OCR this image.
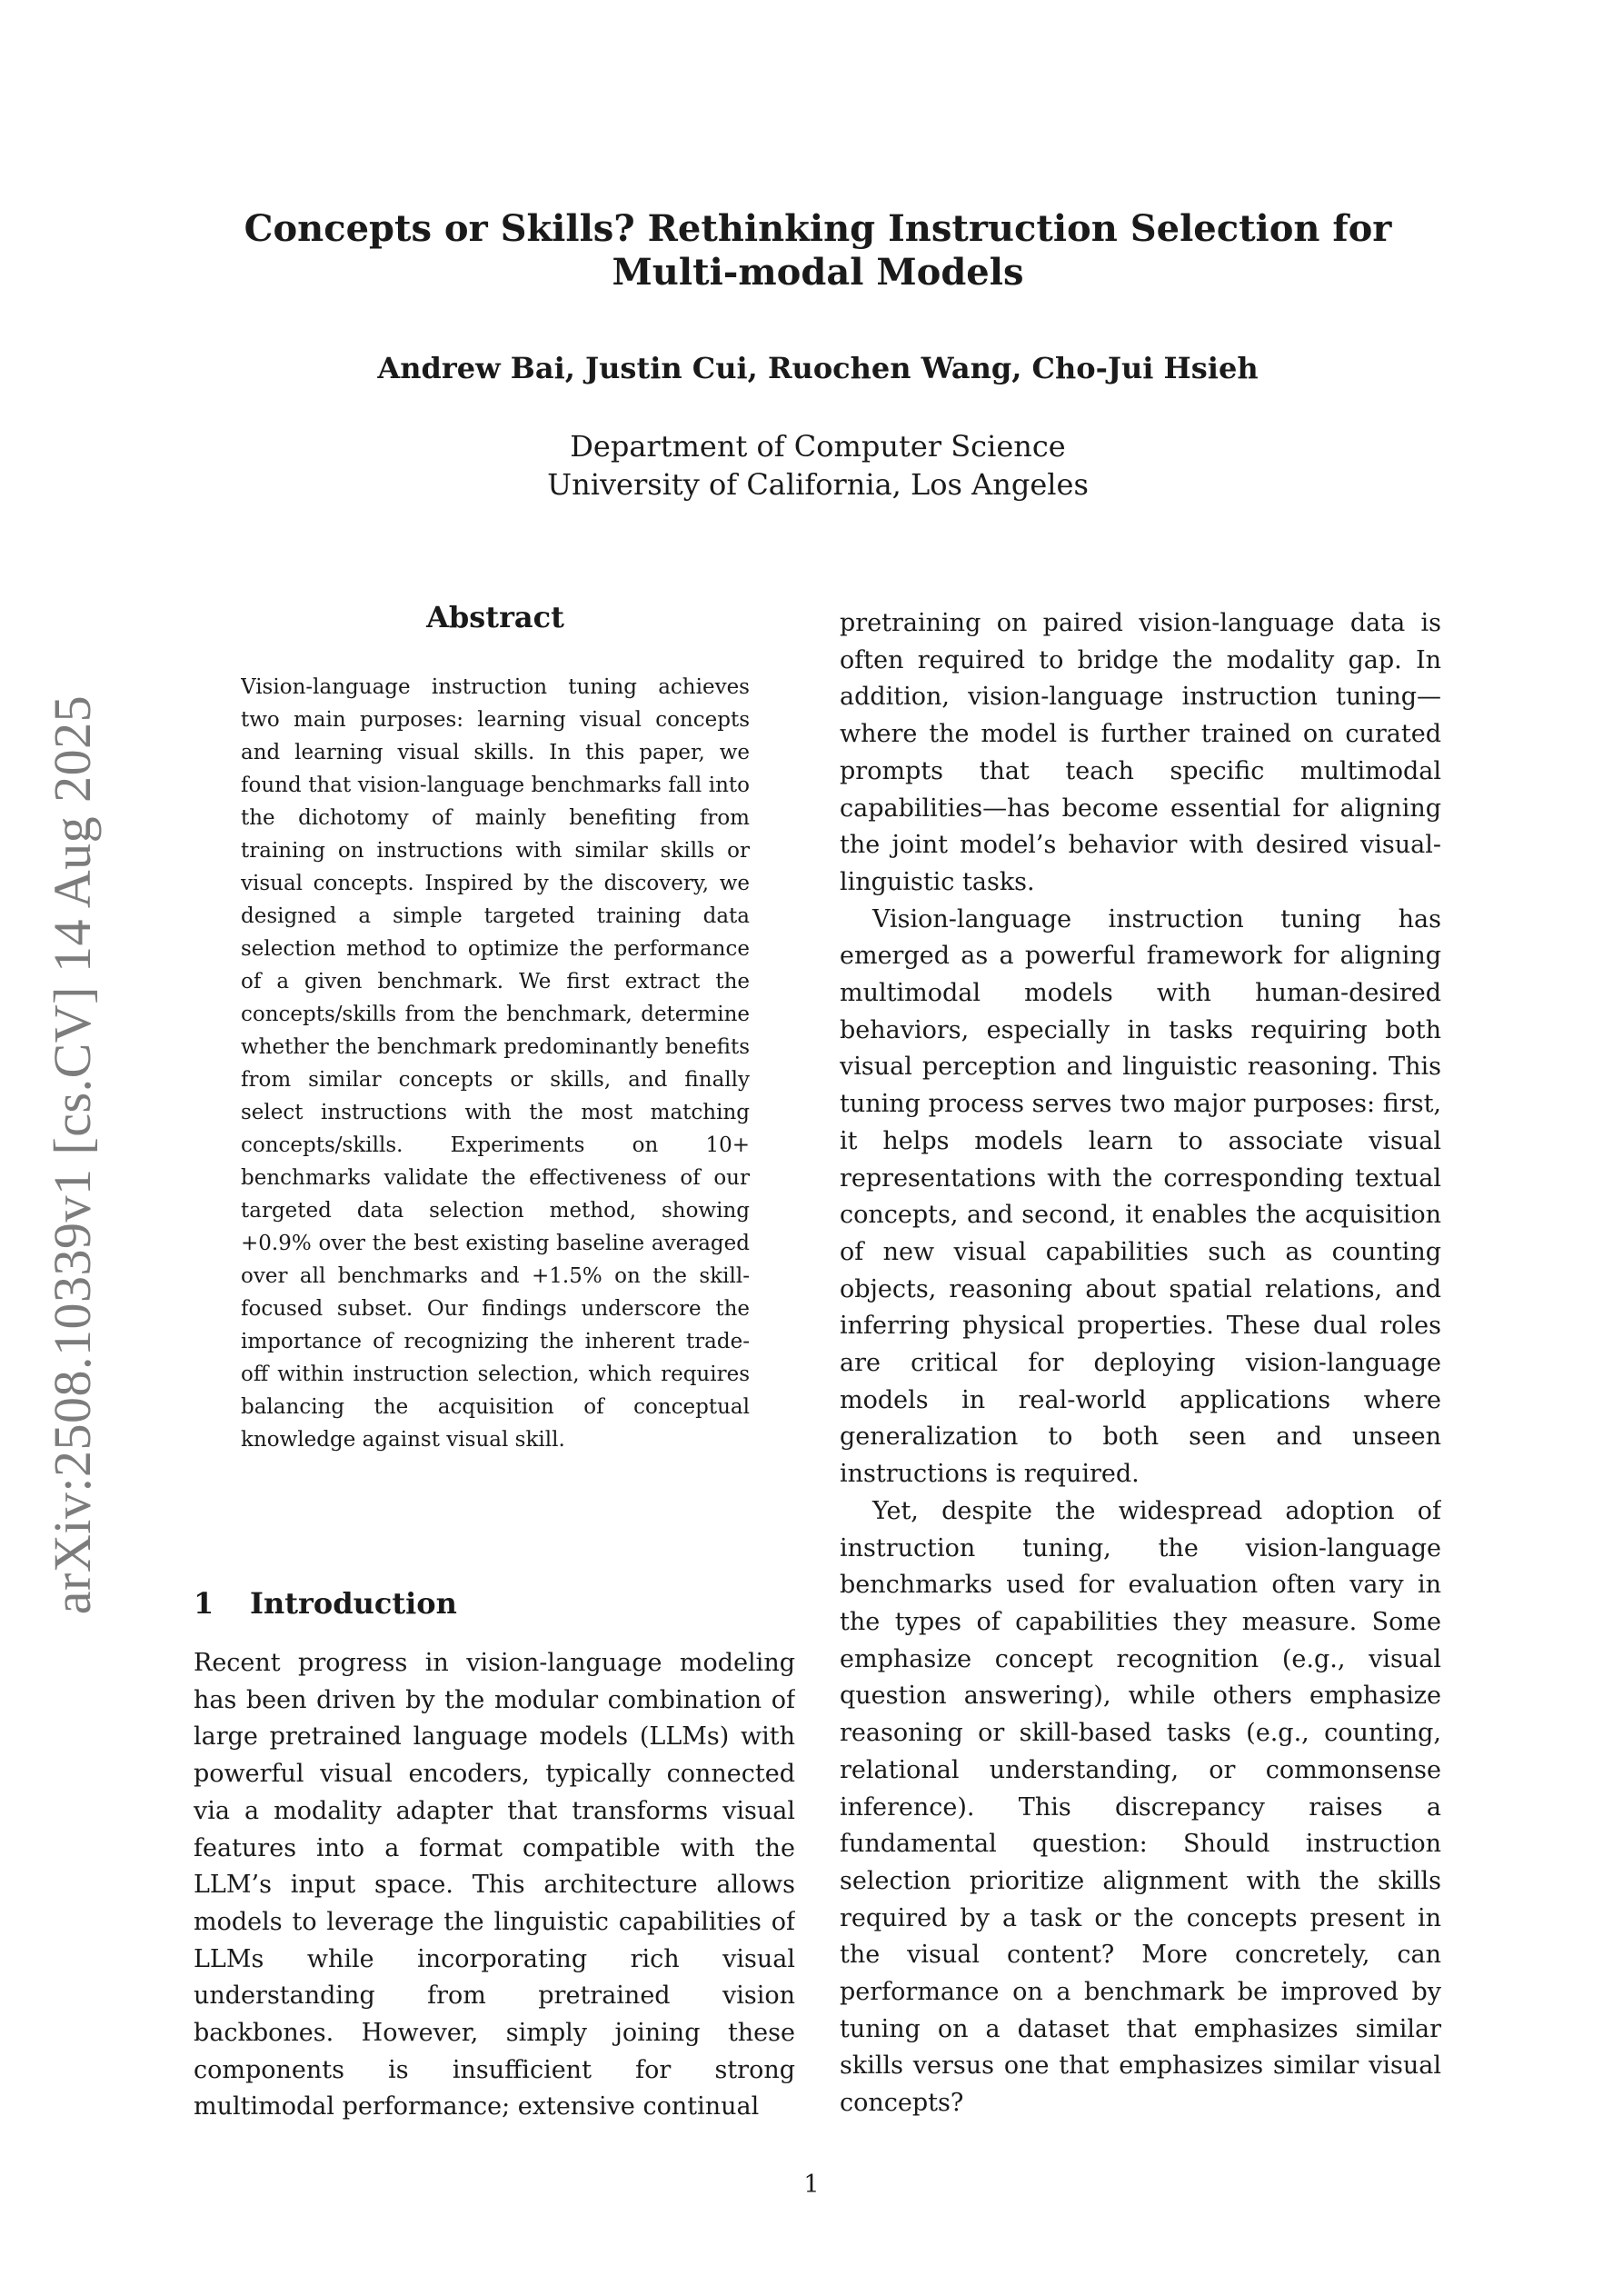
arXiv:2508.10339v1 [cs.CV] 14 Aug 2025
Concepts or Skills? Rethinking Instruction Selection for Multi-modal Models
Andrew Bai, Justin Cui, Ruochen Wang, Cho-Jui Hsieh
Department of Computer Science
University of California, Los Angeles
Abstract

Vision-language instruction tuning achieves two main purposes: learning visual concepts and learning visual skills. In this paper, we found that vision-language benchmarks fall into the dichotomy of mainly benefiting from training on instructions with similar skills or visual concepts. Inspired by the discovery, we designed a simple targeted training data selection method to optimize the performance of a given benchmark. We first extract the concepts/skills from the benchmark, determine whether the benchmark predominantly benefits from similar concepts or skills, and finally select instructions with the most matching concepts/skills. Experiments on 10+ benchmarks validate the effectiveness of our targeted data selection method, showing +0.9% over the best existing baseline averaged over all benchmarks and +1.5% on the skill-focused subset. Our findings underscore the importance of recognizing the inherent trade-off within instruction selection, which requires balancing the acquisition of conceptual knowledge against visual skill.

1 Introduction

Recent progress in vision-language modeling has been driven by the modular combination of large pretrained language models (LLMs) with powerful visual encoders, typically connected via a modality adapter that transforms visual features into a format compatible with the LLM’s input space. This architecture allows models to leverage the linguistic capabilities of LLMs while incorporating rich visual understanding from pretrained vision backbones. However, simply joining these components is insufficient for strong multimodal performance; extensive continual

pretraining on paired vision-language data is often required to bridge the modality gap. In addition, vision-language instruction tuning—where the model is further trained on curated prompts that teach specific multimodal capabilities—has become essential for aligning the joint model’s behavior with desired visual-linguistic tasks.

Vision-language instruction tuning has emerged as a powerful framework for aligning multimodal models with human-desired behaviors, especially in tasks requiring both visual perception and linguistic reasoning. This tuning process serves two major purposes: first, it helps models learn to associate visual representations with the corresponding textual concepts, and second, it enables the acquisition of new visual capabilities such as counting objects, reasoning about spatial relations, and inferring physical properties. These dual roles are critical for deploying vision-language models in real-world applications where generalization to both seen and unseen instructions is required.

Yet, despite the widespread adoption of instruction tuning, the vision-language benchmarks used for evaluation often vary in the types of capabilities they measure. Some emphasize concept recognition (e.g., visual question answering), while others emphasize reasoning or skill-based tasks (e.g., counting, relational understanding, or commonsense inference). This discrepancy raises a fundamental question: Should instruction selection prioritize alignment with the skills required by a task or the concepts present in the visual content? More concretely, can performance on a benchmark be improved by tuning on a dataset that emphasizes similar skills versus one that emphasizes similar visual concepts?

1
